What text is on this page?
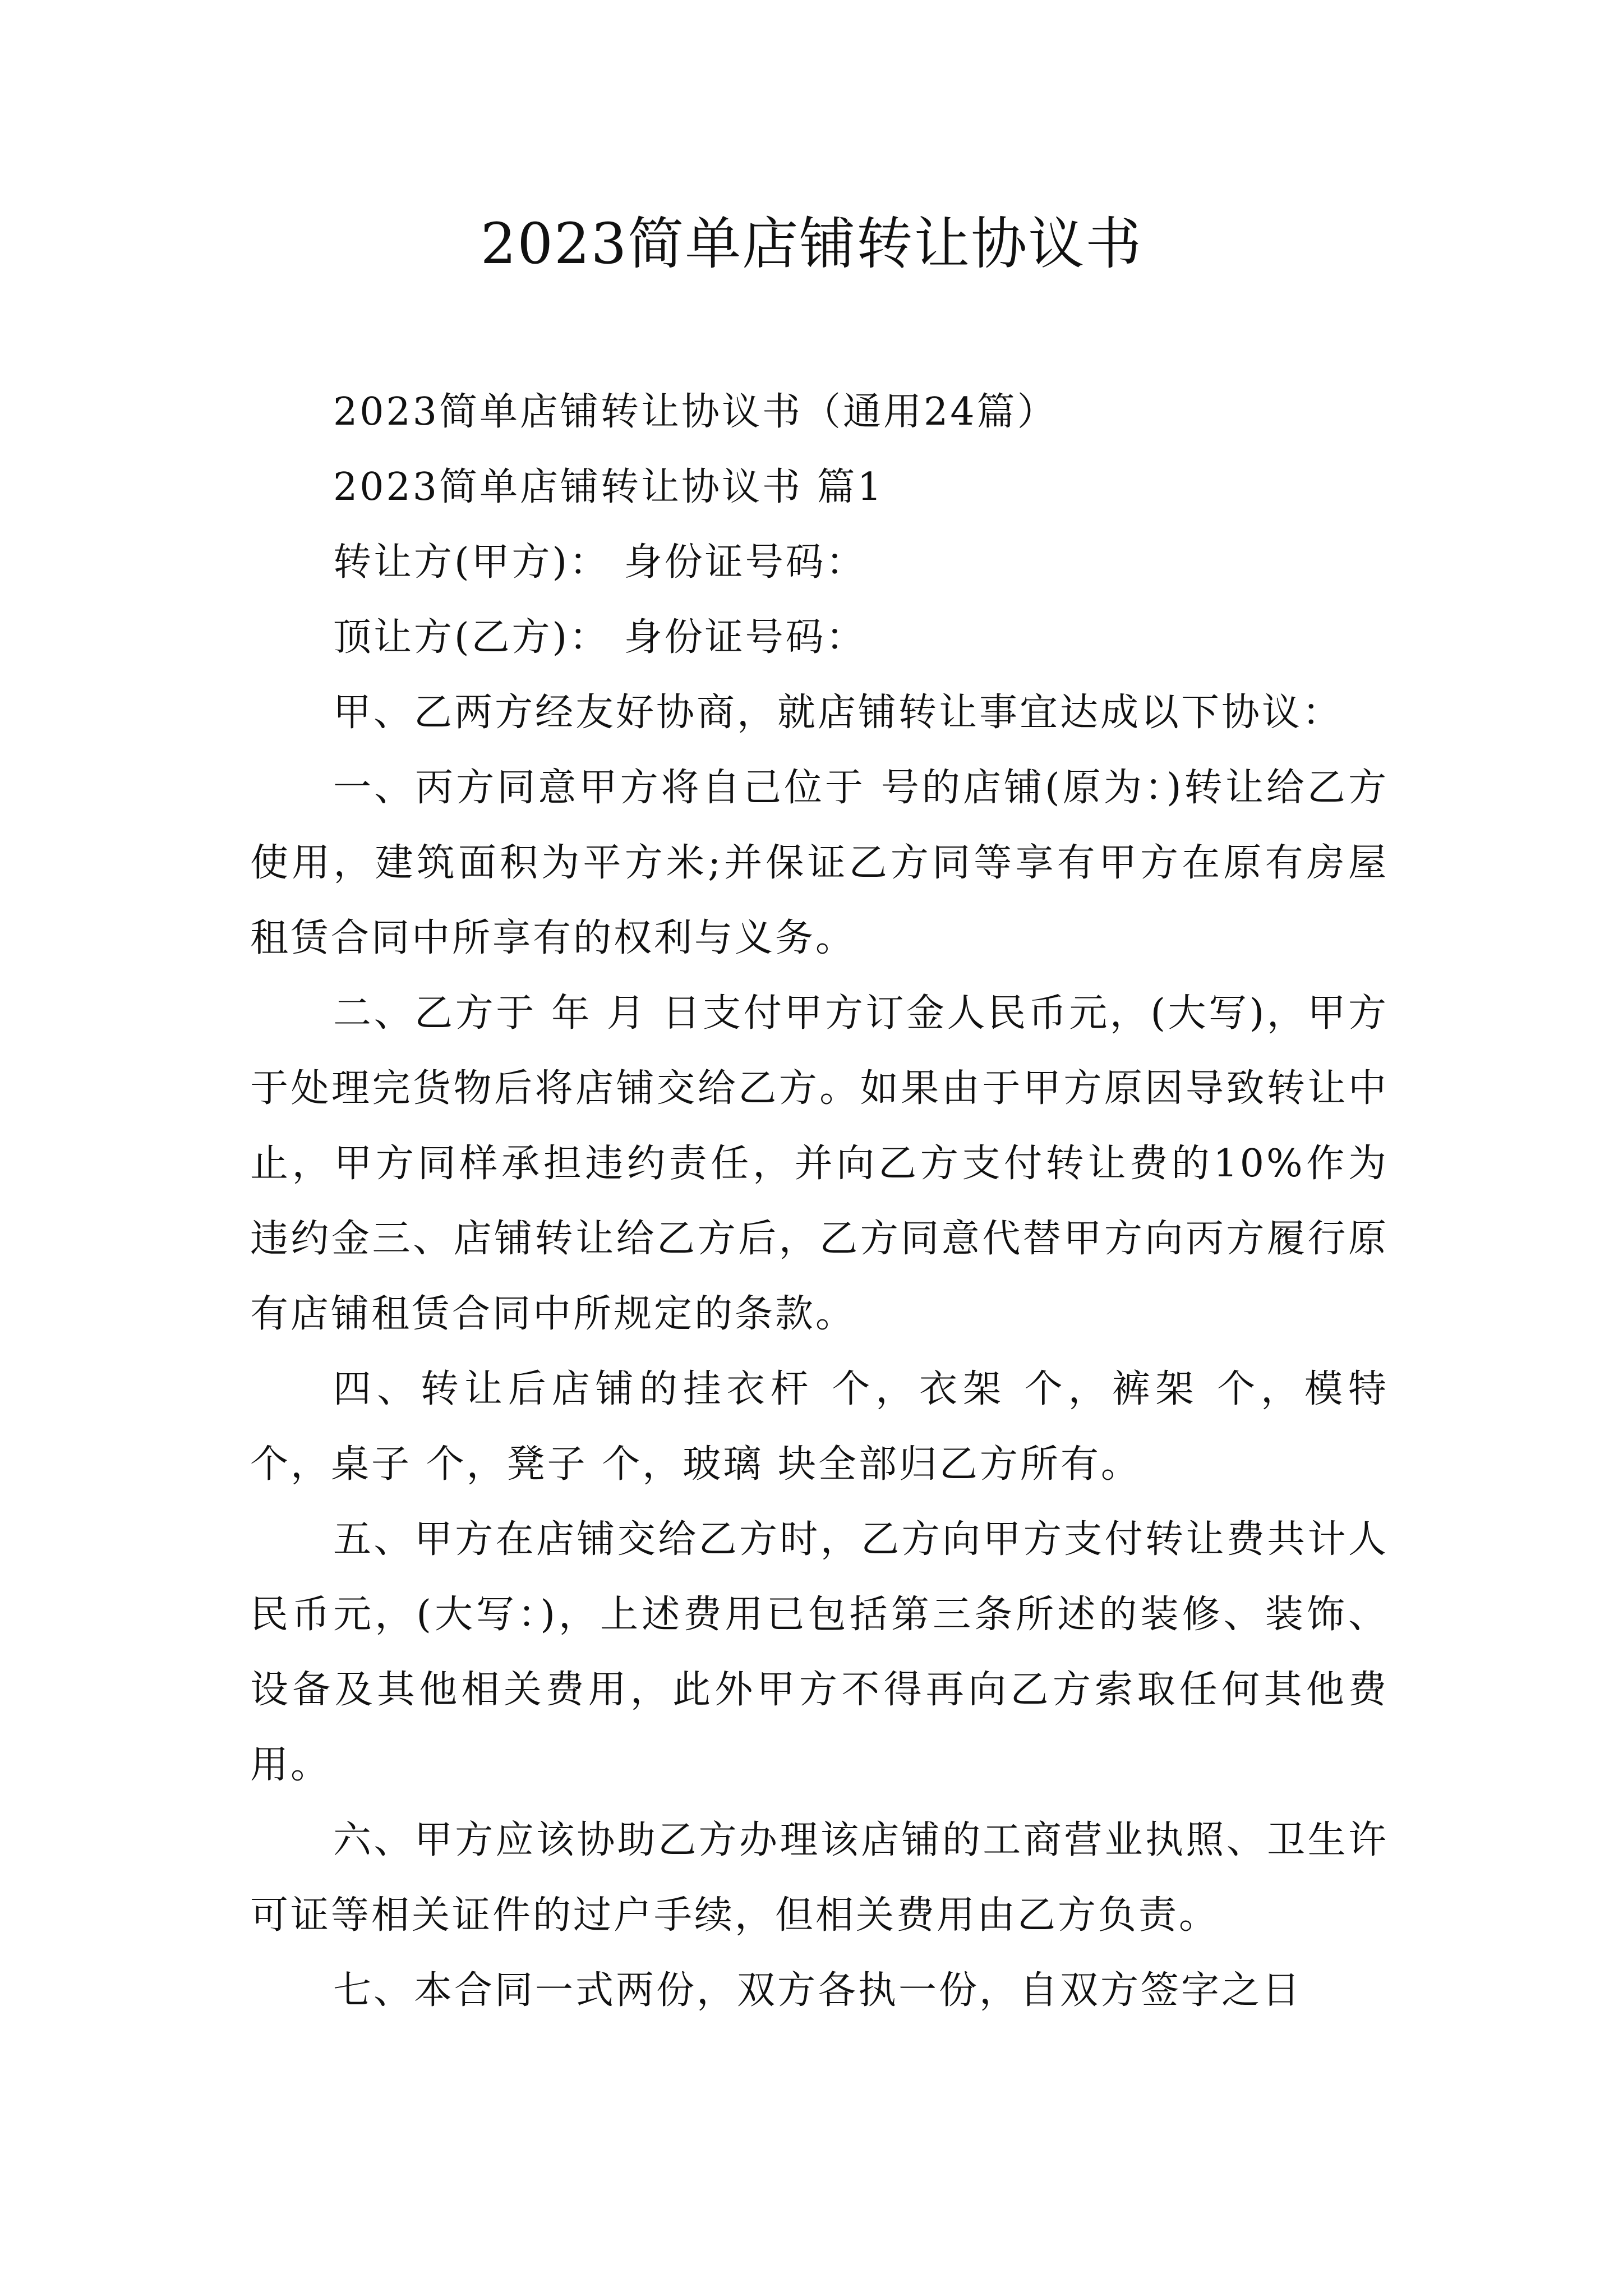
2023简单店铺转让协议书

2023简单店铺转让协议书（通用24篇）

2023简单店铺转让协议书 篇1

转让方(甲方)： 身份证号码：

顶让方(乙方)： 身份证号码：

甲、乙两方经友好协商，就店铺转让事宜达成以下协议：

一、丙方同意甲方将自己位于 号的店铺(原为：)转让给乙方使用，建筑面积为平方米;并保证乙方同等享有甲方在原有房屋租赁合同中所享有的权利与义务。

二、乙方于 年 月 日支付甲方订金人民币元，(大写)，甲方于处理完货物后将店铺交给乙方。如果由于甲方原因导致转让中止，甲方同样承担违约责任，并向乙方支付转让费的10%作为违约金三、店铺转让给乙方后，乙方同意代替甲方向丙方履行原有店铺租赁合同中所规定的条款。

四、转让后店铺的挂衣杆 个，衣架 个，裤架 个，模特 个，桌子 个，凳子 个，玻璃 块全部归乙方所有。

五、甲方在店铺交给乙方时，乙方向甲方支付转让费共计人民币元，(大写：)，上述费用已包括第三条所述的装修、装饰、设备及其他相关费用，此外甲方不得再向乙方索取任何其他费用。

六、甲方应该协助乙方办理该店铺的工商营业执照、卫生许可证等相关证件的过户手续，但相关费用由乙方负责。

七、本合同一式两份，双方各执一份，自双方签字之日
